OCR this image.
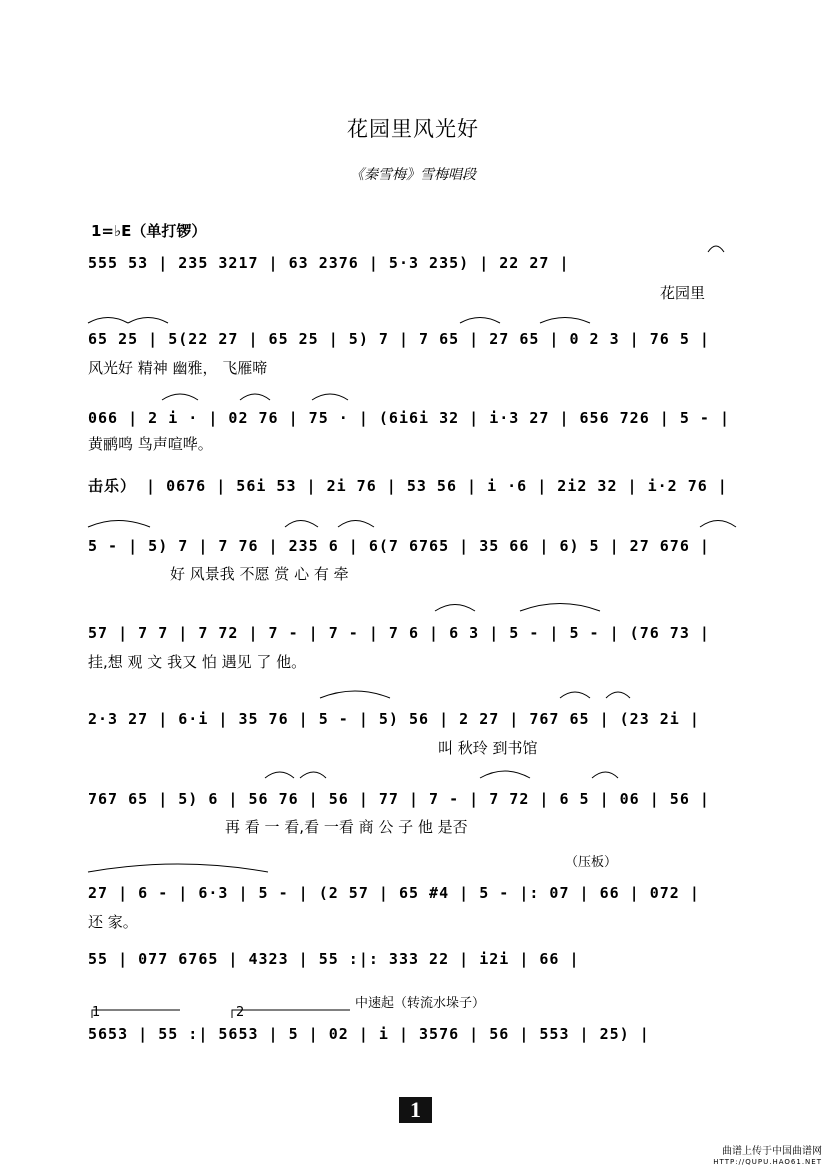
花园里风光好
《秦雪梅》雪梅唱段
1=♭E（单打锣）
555 53 | 235 3217 | 63 2376 | 5·3 235) | 22 27 |
花园里
65 25 | 5(22 27 | 65 25 | 5) 7 | 7 65 | 27 65 | 0 2 3 | 76 5 |
风光好 精神 幽雅， 飞雁啼
066 | 2 i · | 02 76 | 75 · | (6i6i 32 | i·3 27 | 656 726 | 5 - |
黄鹂鸣 鸟声喧哗。
击乐） | 0676 | 56i 53 | 2i 76 | 53 56 | i ·6 | 2i2 32 | i·2 76 |
5 - | 5) 7 | 7 76 | 235 6 | 6(7 6765 | 35 66 | 6) 5 | 27 676 |
好 风景我 不愿 赏 心 有 牵
57 | 7 7 | 7 72 | 7 - | 7 - | 7 6 | 6 3 | 5 - | 5 - | (76 73 |
挂,想 观 文 我又 怕 遇见 了 他。
2·3 27 | 6·i | 35 76 | 5 - | 5) 56 | 2 27 | 767 65 | (23 2i |
叫 秋玲 到书馆
767 65 | 5) 6 | 56 76 | 56 | 77 | 7 - | 7 72 | 6 5 | 06 | 56 |
再 看 一 看,看 一看 商 公 子 他 是否
（压板）
27 | 6 - | 6·3 | 5 - | (2 57 | 65 #4 | 5 - |: 07 | 66 | 072 |
还 家。
55 | 077 6765 | 4323 | 55 :|: 333 22 | i2i | 66 |
中速起（转流水垛子）
1	2
5653 | 55 :| 5653 | 5 | 02 | i | 3576 | 56 | 553 | 25) |
1
曲谱上传于中国曲谱网
HTTP://QUPU.HAO61.NET
